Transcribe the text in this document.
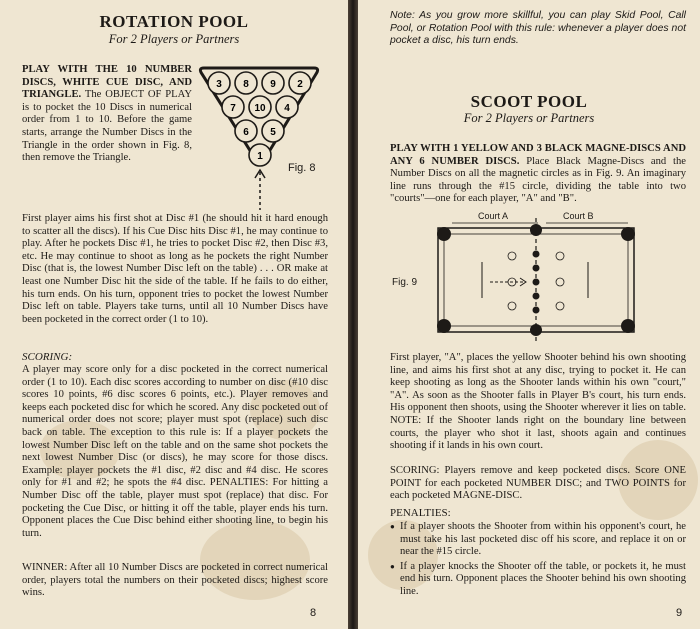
ROTATION POOL
For 2 Players or Partners

PLAY WITH THE 10 NUMBER DISCS, WHITE CUE DISC, AND TRIANGLE. The OBJECT OF PLAY is to pocket the 10 Discs in numerical order from 1 to 10. Before the game starts, arrange the Number Discs in the Triangle in the order shown in Fig. 8, then remove the Triangle.

3 8 9 2
7 10 4
6 5
1
Fig. 8

First player aims his first shot at Disc #1 (he should hit it hard enough to scatter all the discs). If his Cue Disc hits Disc #1, he may continue to play. After he pockets Disc #1, he tries to pocket Disc #2, then Disc #3, etc. He may continue to shoot as long as he pockets the right Number Disc (that is, the lowest Number Disc left on the table) . . . OR make at least one Number Disc hit the side of the table. If he fails to do either, his turn ends. On his turn, opponent tries to pocket the lowest Number Disc left on table. Players take turns, until all 10 Number Discs have been pocketed in the correct order (1 to 10).

SCORING:

A player may score only for a disc pocketed in the correct numerical order (1 to 10). Each disc scores according to number on disc (#10 disc scores 10 points, #6 disc scores 6 points, etc.). Player removes and keeps each pocketed disc for which he scored. Any disc pocketed out of numerical order does not score; player must spot (replace) such disc back on table. The exception to this rule is: If a player pockets the lowest Number Disc left on the table and on the same shot pockets the next lowest Number Disc (or discs), he may score for those discs. Example: player pockets the #1 disc, #2 disc and #4 disc. He scores only for #1 and #2; he spots the #4 disc. PENALTIES: For hitting a Number Disc off the table, player must spot (replace) that disc. For pocketing the Cue Disc, or hitting it off the table, player ends his turn. Opponent places the Cue Disc behind either shooting line, to begin his turn.

WINNER: After all 10 Number Discs are pocketed in correct numerical order, players total the numbers on their pocketed discs; highest score wins.

8

Note: As you grow more skillful, you can play Skid Pool, Call Pool, or Rotation Pool with this rule: whenever a player does not pocket a disc, his turn ends.

SCOOT POOL
For 2 Players or Partners

PLAY WITH 1 YELLOW AND 3 BLACK MAGNE-DISCS AND ANY 6 NUMBER DISCS. Place Black Magne-Discs and the Number Discs on all the magnetic circles as in Fig. 9. An imaginary line runs through the #15 circle, dividing the table into two "courts"—one for each player, "A" and "B".

Court A	Court B
Fig. 9

First player, "A", places the yellow Shooter behind his own shooting line, and aims his first shot at any disc, trying to pocket it. He can keep shooting as long as the Shooter lands within his own "court," "A". As soon as the Shooter falls in Player B's court, his turn ends. His opponent then shoots, using the Shooter wherever it lies on table. NOTE: If the Shooter lands right on the boundary line between courts, the player who shot it last, shoots again and continues shooting if it lands in his own court.

SCORING: Players remove and keep pocketed discs. Score ONE POINT for each pocketed NUMBER DISC; and TWO POINTS for each pocketed MAGNE-DISC.

PENALTIES:
● If a player shoots the Shooter from within his opponent's court, he must take his last pocketed disc off his score, and replace it on or near the #15 circle.
● If a player knocks the Shooter off the table, or pockets it, he must end his turn. Opponent places the Shooter behind his own shooting line.
9
